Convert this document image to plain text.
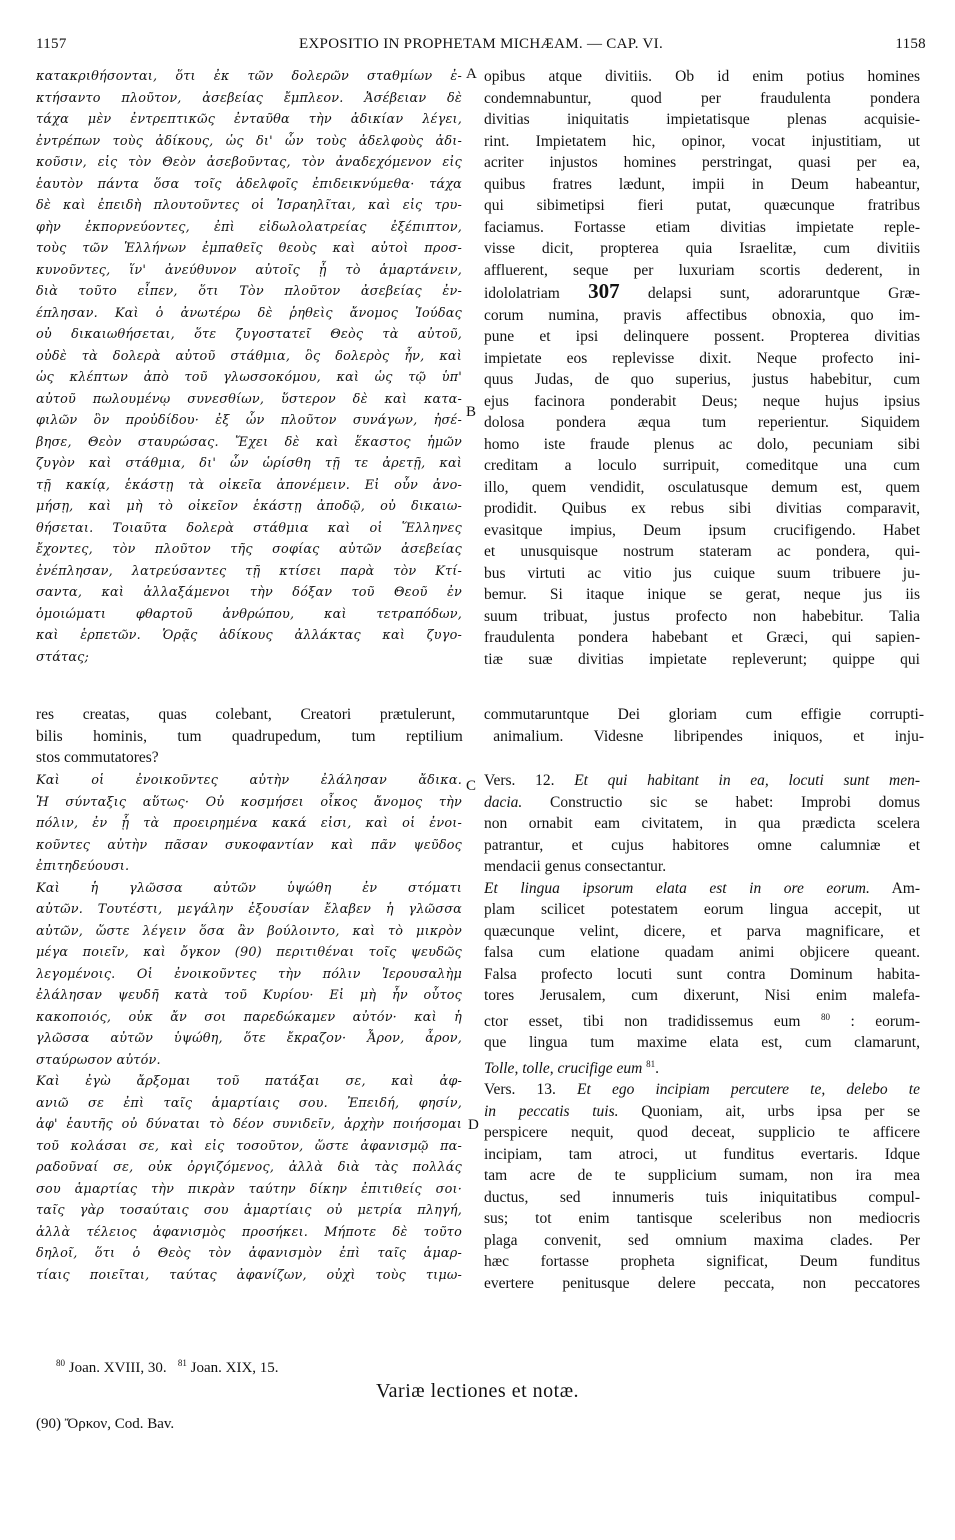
1157	EXPOSITIO IN PROPHETAM MICHÆAM. — CAP. VI.	1158
κατακριθήσονται, ὅτι ἐκ τῶν δολερῶν σταθμίων ἐ-
κτήσαντο πλοῦτον, ἀσεβείας ἔμπλεον. Ἀσέβειαν δὲ
τάχα μὲν ἐντρεπτικῶς ἐνταῦθα τὴν ἀδικίαν λέγει,
ἐντρέπων τοὺς ἀδίκους, ὡς δι' ὧν τοὺς ἀδελφοὺς ἀδι-
κοῦσιν, εἰς τὸν Θεὸν ἀσεβοῦντας, τὸν ἀναδεχόμενον εἰς
ἑαυτὸν πάντα ὅσα τοῖς ἀδελφοῖς ἐπιδεικνύμεθα· τάχα
δὲ καὶ ἐπειδὴ πλουτοῦντες οἱ Ἰσραηλῖται, καὶ εἰς τρυ-
φὴν ἐκπορνεύοντες, ἐπὶ εἰδωλολατρείας ἐξέπιπτον,
τοὺς τῶν Ἑλλήνων ἐμπαθεῖς θεοὺς καὶ αὐτοὶ προσ-
κυνοῦντες, ἵν' ἀνεύθυνον αὐτοῖς ᾖ τὸ ἁμαρτάνειν,
διὰ τοῦτο εἶπεν, ὅτι Τὸν πλοῦτον ἀσεβείας ἐν-
έπλησαν. Καὶ ὁ ἀνωτέρω δὲ ῥηθεὶς ἄνομος Ἰούδας
οὐ δικαιωθήσεται, ὅτε ζυγοστατεῖ Θεὸς τὰ αὐτοῦ,
οὐδὲ τὰ δολερὰ αὐτοῦ στάθμια, ὃς δολερὸς ἦν, καὶ
ὡς κλέπτων ἀπὸ τοῦ γλωσσοκόμου, καὶ ὡς τῷ ὑπ'
αὐτοῦ πωλουμένῳ συνεσθίων, ὕστερον δὲ καὶ κατα-
φιλῶν ὃν προὐδίδου· ἐξ ὧν πλοῦτον συνάγων, ἠσέ-
βησε, Θεὸν σταυρώσας. Ἔχει δὲ καὶ ἕκαστος ἡμῶν
ζυγὸν καὶ στάθμια, δι' ὧν ὡρίσθη τῇ τε ἀρετῇ, καὶ
τῇ κακίᾳ, ἑκάστῃ τὰ οἰκεῖα ἀπονέμειν. Εἰ οὖν ἀνο-
μήσῃ, καὶ μὴ τὸ οἰκεῖον ἑκάστῃ ἀποδῷ, οὐ δικαιω-
θήσεται. Τοιαῦτα δολερὰ στάθμια καὶ οἱ Ἕλληνες
ἔχοντες, τὸν πλοῦτον τῆς σοφίας αὐτῶν ἀσεβείας
ἐνέπλησαν, λατρεύσαντες τῇ κτίσει παρὰ τὸν Κτί-
σαντα, καὶ ἀλλαξάμενοι τὴν δόξαν τοῦ Θεοῦ ἐν
ὁμοιώματι φθαρτοῦ ἀνθρώπου, καὶ τετραπόδων,
καὶ ἑρπετῶν. Ὁρᾷς ἀδίκους ἀλλάκτας καὶ ζυγο-
στάτας;
A
B
C
D
opibus atque divitiis. Ob id enim potius homines
condemnabuntur, quod per fraudulenta pondera
divitias iniquitatis impietatisque plenas acquisie-
rint. Impietatem hic, opinor, vocat injustitiam, ut
acriter injustos homines perstringat, quasi per ea,
quibus fratres lædunt, impii in Deum habeantur,
qui sibimetipsi fieri putat, quæcunque fratribus
faciamus. Fortasse etiam divitias impietate reple-
visse dicit, propterea quia Israelitæ, cum divitiis
affluerent, seque per luxuriam scortis dederent, in
idololatriam 307 delapsi sunt, adoraruntque Græ-
corum numina, pravis affectibus obnoxia, quo im-
pune et ipsi delinquere possent. Propterea divitias
impietate eos replevisse dixit. Neque profecto ini-
quus Judas, de quo superius, justus habebitur, cum
ejus facinora ponderabit Deus; neque hujus ipsius
dolosa pondera æqua tum reperientur. Siquidem
homo iste fraude plenus ac dolo, pecuniam sibi
creditam a loculo surripuit, comeditque una cum
illo, quem vendidit, osculatusque demum est, quem
prodidit. Quibus ex rebus sibi divitias comparavit,
evasitque impius, Deum ipsum crucifigendo. Habet
et unusquisque nostrum stateram ac pondera, qui-
bus virtuti ac vitio jus cuique suum tribuere ju-
bemur. Si itaque inique se gerat, neque jus iis
suum tribuat, justus profecto non habebitur. Talia
fraudulenta pondera habebant et Græci, qui sapien-
tiæ suæ divitias impietate repleverunt; quippe qui
res creatas, quas colebant, Creatori prætulerunt, commutaruntque Dei gloriam cum effigie corrupti-
bilis hominis, tum quadrupedum, tum reptilium animalium. Videsne libripendes iniquos, et inju-
stos commutatores?
Καὶ οἱ ἐνοικοῦντες αὐτὴν ἐλάλησαν ἄδικα.
Ἡ σύνταξις αὕτως· Οὐ κοσμήσει οἶκος ἄνομος τὴν
πόλιν, ἐν ᾗ τὰ προειρημένα κακά εἰσι, καὶ οἱ ἐνοι-
κοῦντες αὐτὴν πᾶσαν συκοφαντίαν καὶ πᾶν ψεῦδος
ἐπιτηδεύουσι.
Καὶ ἡ γλῶσσα αὐτῶν ὑψώθη ἐν στόματι
αὐτῶν. Τουτέστι, μεγάλην ἐξουσίαν ἔλαβεν ἡ γλῶσσα
αὐτῶν, ὥστε λέγειν ὅσα ἂν βούλοιντο, καὶ τὸ μικρὸν
μέγα ποιεῖν, καὶ ὄγκον (90) περιτιθέναι τοῖς ψευδῶς
λεγομένοις. Οἱ ἐνοικοῦντες τὴν πόλιν Ἱερουσαλὴμ
ἐλάλησαν ψευδῆ κατὰ τοῦ Κυρίου· Εἰ μὴ ἦν οὗτος
κακοποιός, οὐκ ἄν σοι παρεδώκαμεν αὐτόν· καὶ ἡ
γλῶσσα αὐτῶν ὑψώθη, ὅτε ἔκραζον· Ἆρον, ἆρον,
σταύρωσον αὐτόν.
Καὶ ἐγὼ ἄρξομαι τοῦ πατάξαι σε, καὶ ἀφ-
ανιῶ σε ἐπὶ ταῖς ἁμαρτίαις σου. Ἐπειδή, φησίν,
ἀφ' ἑαυτῆς οὐ δύναται τὸ δέον συνιδεῖν, ἀρχὴν ποιήσομαι
τοῦ κολάσαι σε, καὶ εἰς τοσοῦτον, ὥστε ἀφανισμῷ πα-
ραδοῦναί σε, οὐκ ὀργιζόμενος, ἀλλὰ διὰ τὰς πολλάς
σου ἁμαρτίας τὴν πικρὰν ταύτην δίκην ἐπιτιθείς σοι·
ταῖς γὰρ τοσαύταις σου ἁμαρτίαις οὐ μετρία πληγή,
ἀλλὰ τέλειος ἀφανισμὸς προσήκει. Μήποτε δὲ τοῦτο
δηλοῖ, ὅτι ὁ Θεὸς τὸν ἀφανισμὸν ἐπὶ ταῖς ἁμαρ-
τίαις ποιεῖται, ταύτας ἀφανίζων, οὐχὶ τοὺς τιμω-
Vers. 12. Et qui habitant in ea, locuti sunt men-
dacia. Constructio sic se habet: Improbi domus
non ornabit eam civitatem, in qua prædicta scelera
patrantur, et cujus habitores omne calumniæ et
mendacii genus consectantur.
Et lingua ipsorum elata est in ore eorum. Am-
plam scilicet potestatem eorum lingua accepit, ut
quæcunque velint, dicere, et parva magnificare, et
falsa cum elatione quadam animi objicere queant.
Falsa profecto locuti sunt contra Dominum habita-
tores Jerusalem, cum dixerunt, Nisi enim malefa-
ctor esset, tibi non tradidissemus eum $^{80}$ : eorum-
que lingua tum maxime elata est, cum clamarunt,
Tolle, tolle, crucifige eum $^{81}$.
Vers. 13. Et ego incipiam percutere te, delebo te
in peccatis tuis. Quoniam, ait, urbs ipsa per se
perspicere nequit, quod deceat, supplicio te afficere
incipiam, tam atroci, ut funditus evertaris. Idque
tam acre de te supplicium sumam, non ira mea
ductus, sed innumeris tuis iniquitatibus compul-
sus; tot enim tantisque sceleribus non mediocris
plaga convenit, sed omnium maxima clades. Per
hæc fortasse propheta significat, Deum funditus
evertere penitusque delere peccata, non peccatores
$^{80}$ Joan. XVIII, 30. $^{81}$ Joan. XIX, 15.
Variæ lectiones et notæ.
(90) Ὄρκον, Cod. Bav.
